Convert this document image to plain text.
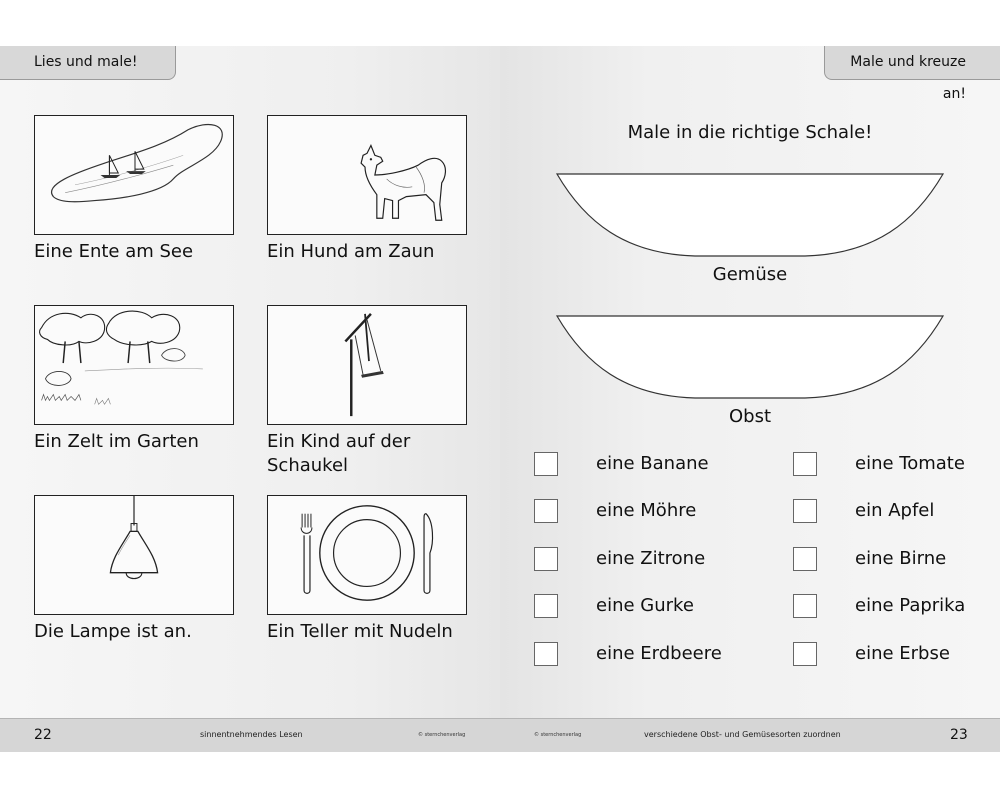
Lies und male!
Eine Ente am See	Ein Hund am Zaun
Ein Zelt im Garten	Ein Kind auf der Schaukel
Die Lampe ist an.	Ein Teller mit Nudeln
22	sinnentnehmendes Lesen	© sternchenverlag
Male und kreuze an!
Male in die richtige Schale!
Gemüse
Obst
eine Banane
eine Möhre
eine Zitrone
eine Gurke
eine Erdbeere
eine Tomate
ein Apfel
eine Birne
eine Paprika
eine Erbse
© sternchenverlag	verschiedene Obst- und Gemüsesorten zuordnen	23
